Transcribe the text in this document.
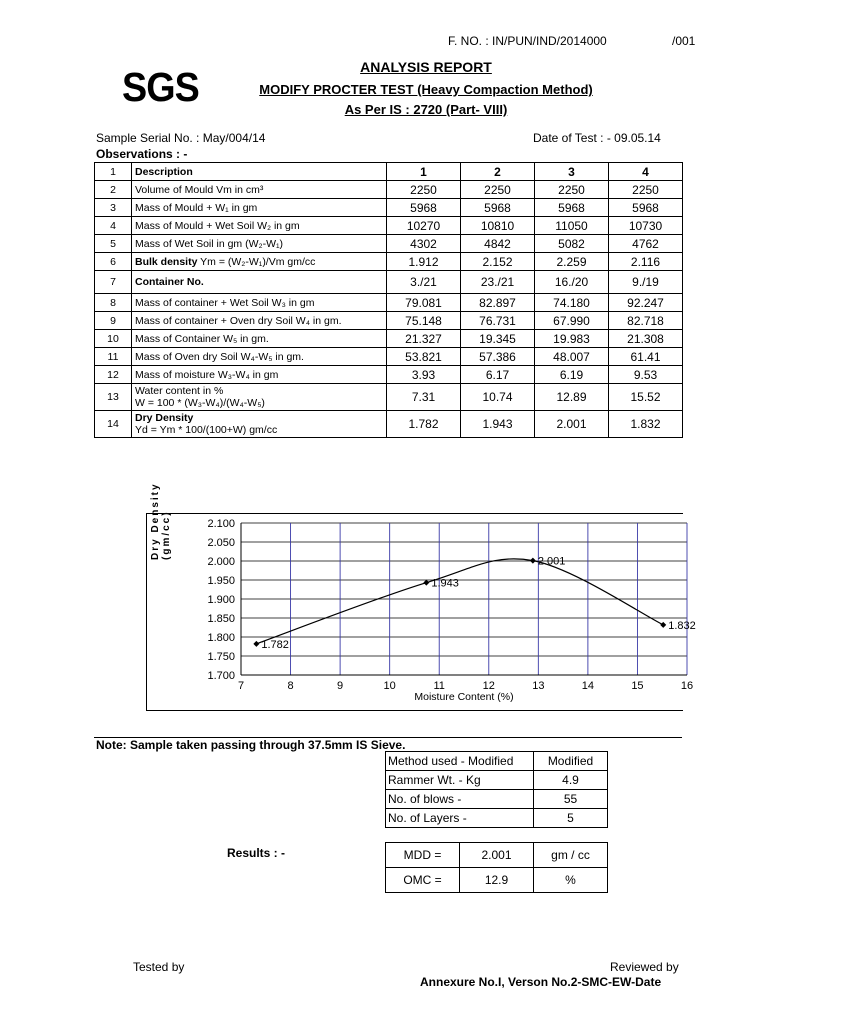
F. NO. : IN/PUN/IND/2014000	/001
SGS	ANALYSIS REPORT
MODIFY PROCTER TEST (Heavy Compaction Method)
As Per IS : 2720 (Part- VIII)
Sample Serial No. : May/004/14	Date of Test : - 09.05.14
Observations : -
1	Description	1	2	3	4
2	Volume of Mould Vm in cm³	2250	2250	2250	2250
3	Mass of Mould + W₁ in gm	5968	5968	5968	5968
4	Mass of Mould + Wet Soil W₂ in gm	10270	10810	11050	10730
5	Mass of Wet Soil in gm (W₂-W₁)	4302	4842	5082	4762
6	Bulk density Ym = (W₂-W₁)/Vm gm/cc	1.912	2.152	2.259	2.116
7	Container No.	3./21	23./21	16./20	9./19
8	Mass of container + Wet Soil W₃ in gm	79.081	82.897	74.180	92.247
9	Mass of container + Oven dry Soil W₄ in gm.	75.148	76.731	67.990	82.718
10	Mass of Container W₅ in gm.	21.327	19.345	19.983	21.308
11	Mass of Oven dry Soil W₄-W₅ in gm.	53.821	57.386	48.007	61.41
12	Mass of moisture W₃-W₄ in gm	3.93	6.17	6.19	9.53
13	Water content in %
W = 100 * (W₃-W₄)/(W₄-W₅)	7.31	10.74	12.89	15.52
14	Dry Density
Yd = Ym * 100/(100+W) gm/cc	1.782	1.943	2.001	1.832
Dry Density (gm/cc)	2.100
2.050
2.000
1.950
1.900
1.850
1.800
1.750
1.700
7	8	9	10	11	12	13	14	15	16
Moisture Content (%)
1.782
1.943
2.001
1.832
Note: Sample taken passing through 37.5mm IS Sieve.
Method used - Modified	Modified
Rammer Wt. - Kg	4.9
No. of blows -	55
No. of Layers -	5
Results : -	MDD =	2.001	gm / cc
OMC =	12.9	%
Tested by	Reviewed by
Annexure No.I, Verson No.2-SMC-EW-Date
